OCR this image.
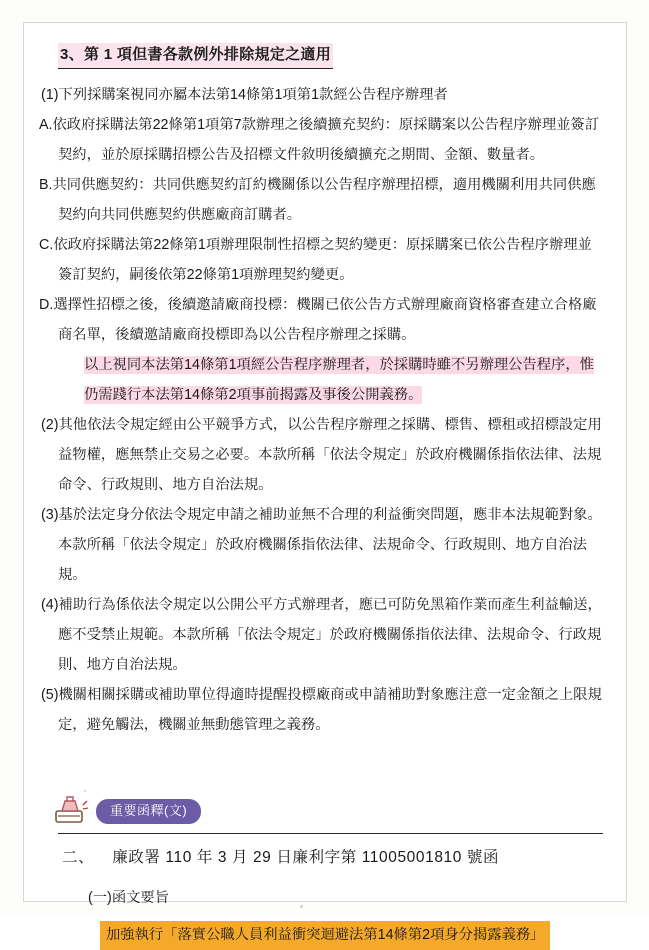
3、第 1 項但書各款例外排除規定之適用
(1)下列採購案視同亦屬本法第14條第1項第1款經公告程序辦理者
A.依政府採購法第22條第1項第7款辦理之後續擴充契約：原採購案以公告程序辦理並簽訂契約，並於原採購招標公告及招標文件敘明後續擴充之期間、金額、數量者。
B.共同供應契約：共同供應契約訂約機關係以公告程序辦理招標，適用機關利用共同供應契約向共同供應契約供應廠商訂購者。
C.依政府採購法第22條第1項辦理限制性招標之契約變更：原採購案已依公告程序辦理並簽訂契約，嗣後依第22條第1項辦理契約變更。
D.選擇性招標之後，後續邀請廠商投標：機關已依公告方式辦理廠商資格審查建立合格廠商名單，後續邀請廠商投標即為以公告程序辦理之採購。
以上視同本法第14條第1項經公告程序辦理者，於採購時雖不另辦理公告程序，惟仍需踐行本法第14條第2項事前揭露及事後公開義務。
(2)其他依法令規定經由公平競爭方式，以公告程序辦理之採購、標售、標租或招標設定用益物權，應無禁止交易之必要。本款所稱「依法令規定」於政府機關係指依法律、法規命令、行政規則、地方自治法規。
(3)基於法定身分依法令規定申請之補助並無不合理的利益衝突問題，應非本法規範對象。本款所稱「依法令規定」於政府機關係指依法律、法規命令、行政規則、地方自治法規。
(4)補助行為係依法令規定以公開公平方式辦理者，應已可防免黑箱作業而產生利益輸送，應不受禁止規範。本款所稱「依法令規定」於政府機關係指依法律、法規命令、行政規則、地方自治法規。
(5)機關相關採購或補助單位得適時提醒投標廠商或申請補助對象應注意一定金額之上限規定，避免觸法，機關並無動態管理之義務。
重要函釋(文)
二、 廉政署 110 年 3 月 29 日廉利字第 11005001810 號函
(一)函文要旨
加強執行「落實公職人員利益衝突迴避法第14條第2項身分揭露義務」
